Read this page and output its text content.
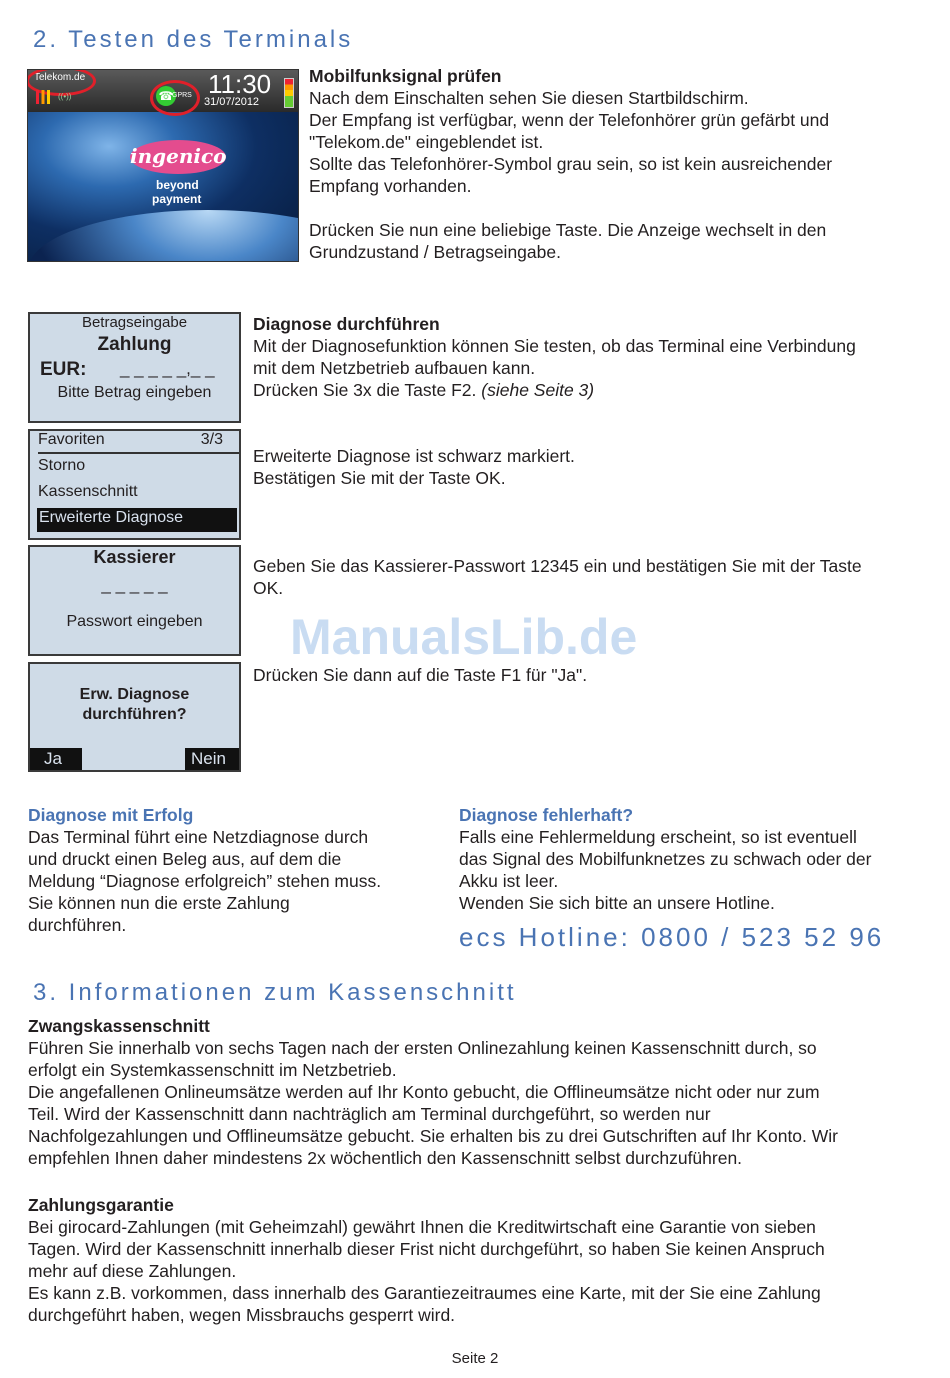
2. Testen des Terminals
Telekom.de
((•))	☎
GPRS 11:30
31/07/2012
ingenico
beyond
payment
Mobilfunksignal prüfen
Nach dem Einschalten sehen Sie diesen Startbildschirm.
Der Empfang ist verfügbar, wenn der Telefonhörer grün gefärbt und
"Telekom.de" eingeblendet ist.
Sollte das Telefonhörer-Symbol grau sein, so ist kein ausreichender
Empfang vorhanden.
Drücken Sie nun eine beliebige Taste. Die Anzeige wechselt in den
Grundzustand / Betragseingabe.
Betragseingabe
Zahlung
EUR: _ _ _ _ _,_ _
Bitte Betrag eingeben
Diagnose durchführen
Mit der Diagnosefunktion können Sie testen, ob das Terminal eine Verbindung
mit dem Netzbetrieb aufbauen kann.
Drücken Sie 3x die Taste F2. (siehe Seite 3)
Favoriten	3/3
Storno
Kassenschnitt
Erweiterte Diagnose
Erweiterte Diagnose ist schwarz markiert.
Bestätigen Sie mit der Taste OK.
Kassierer
_ _ _ _ _
Passwort eingeben
Geben Sie das Kassierer-Passwort 12345 ein und bestätigen Sie mit der Taste
OK.
ManualsLib.de
Erw. Diagnose
durchführen?
Ja	Nein
Drücken Sie dann auf die Taste F1 für "Ja".
Diagnose mit Erfolg
Das Terminal führt eine Netzdiagnose durch
und druckt einen Beleg aus, auf dem die
Meldung “Diagnose erfolgreich” stehen muss.
Sie können nun die erste Zahlung
durchführen.
Diagnose fehlerhaft?
Falls eine Fehlermeldung erscheint, so ist eventuell
das Signal des Mobilfunknetzes zu schwach oder der
Akku ist leer.
Wenden Sie sich bitte an unsere Hotline.
ecs Hotline: 0800 / 523 52 96
3. Informationen zum Kassenschnitt
Zwangskassenschnitt
Führen Sie innerhalb von sechs Tagen nach der ersten Onlinezahlung keinen Kassenschnitt durch, so
erfolgt ein Systemkassenschnitt im Netzbetrieb.
Die angefallenen Onlineumsätze werden auf Ihr Konto gebucht, die Offlineumsätze nicht oder nur zum
Teil. Wird der Kassenschnitt dann nachträglich am Terminal durchgeführt, so werden nur
Nachfolgezahlungen und Offlineumsätze gebucht. Sie erhalten bis zu drei Gutschriften auf Ihr Konto. Wir
empfehlen Ihnen daher mindestens 2x wöchentlich den Kassenschnitt selbst durchzuführen.
Zahlungsgarantie
Bei girocard-Zahlungen (mit Geheimzahl) gewährt Ihnen die Kreditwirtschaft eine Garantie von sieben
Tagen. Wird der Kassenschnitt innerhalb dieser Frist nicht durchgeführt, so haben Sie keinen Anspruch
mehr auf diese Zahlungen.
Es kann z.B. vorkommen, dass innerhalb des Garantiezeitraumes eine Karte, mit der Sie eine Zahlung
durchgeführt haben, wegen Missbrauchs gesperrt wird.
Seite 2
